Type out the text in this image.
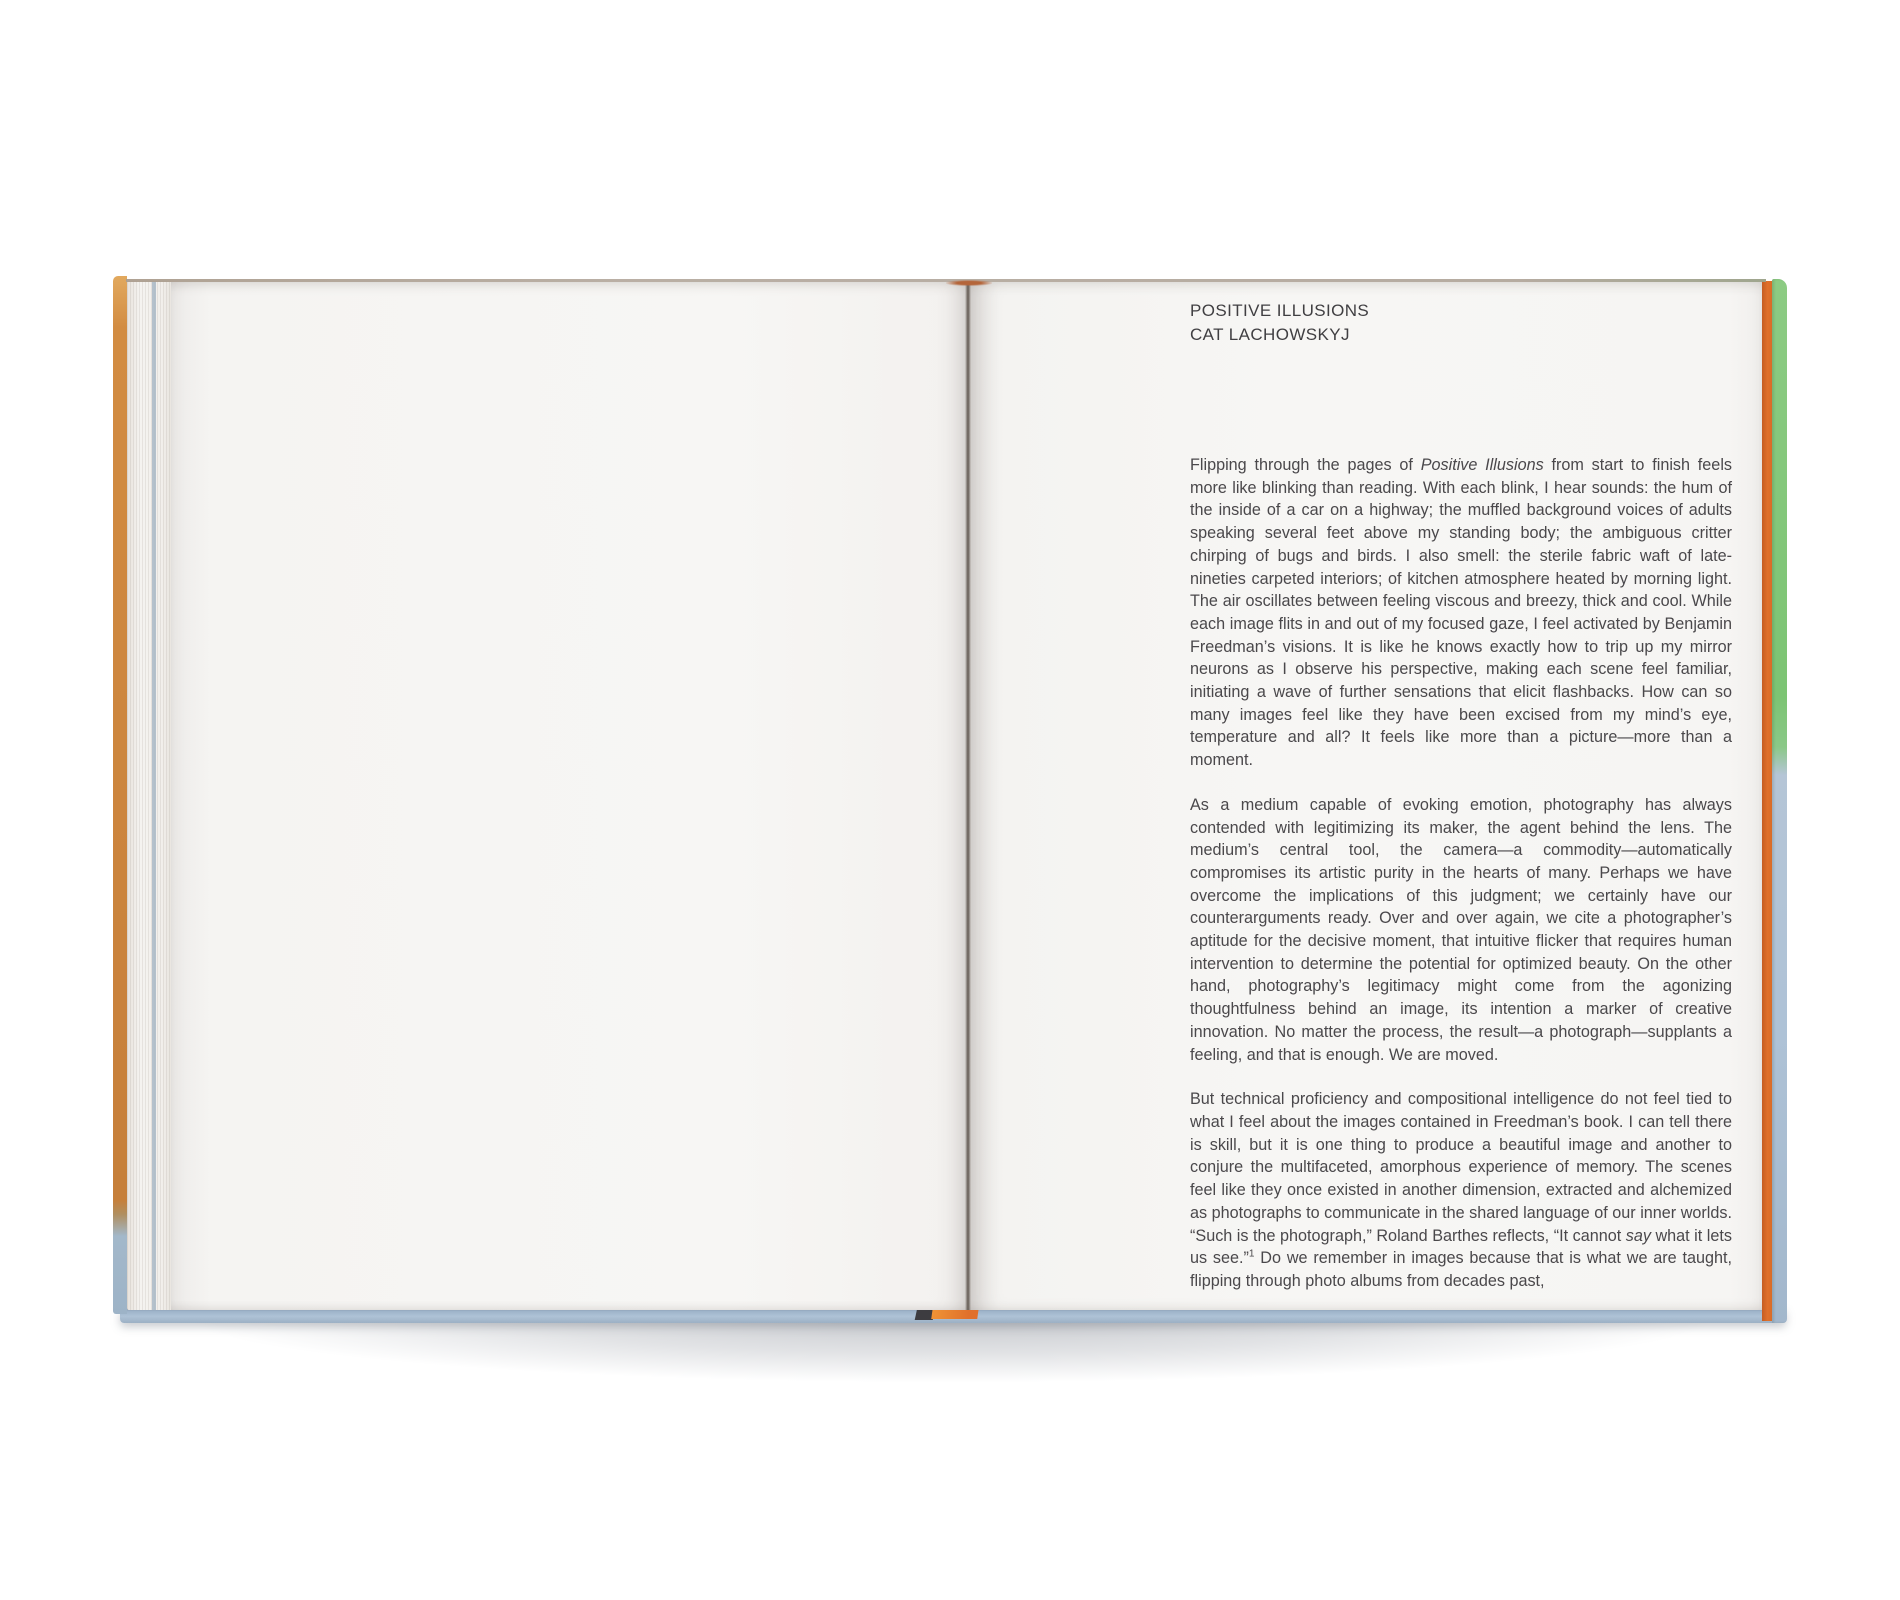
POSITIVE ILLUSIONS
CAT LACHOWSKYJ

Flipping through the pages of Positive Illusions from start to finish feels more like blinking than reading. With each blink, I hear sounds: the hum of the inside of a car on a highway; the muffled background voices of adults speaking several feet above my standing body; the ambiguous critter chirping of bugs and birds. I also smell: the sterile fabric waft of late-nineties carpeted interiors; of kitchen atmosphere heated by morning light. The air oscillates between feeling viscous and breezy, thick and cool. While each image flits in and out of my focused gaze, I feel activated by Benjamin Freedman’s visions. It is like he knows exactly how to trip up my mirror neurons as I observe his perspective, making each scene feel familiar, initiating a wave of further sensations that elicit flashbacks. How can so many images feel like they have been excised from my mind’s eye, temperature and all? It feels like more than a picture—more than a moment.

As a medium capable of evoking emotion, photography has always contended with legitimizing its maker, the agent behind the lens. The medium’s central tool, the camera—a commodity—automatically compromises its artistic purity in the hearts of many. Perhaps we have overcome the implications of this judgment; we certainly have our counterarguments ready. Over and over again, we cite a photographer’s aptitude for the decisive moment, that intuitive flicker that requires human intervention to determine the potential for optimized beauty. On the other hand, photography’s legitimacy might come from the agonizing thoughtfulness behind an image, its intention a marker of creative innovation. No matter the process, the result—a photograph—supplants a feeling, and that is enough. We are moved.

But technical proficiency and compositional intelligence do not feel tied to what I feel about the images contained in Freedman’s book. I can tell there is skill, but it is one thing to produce a beautiful image and another to conjure the multifaceted, amorphous experience of memory. The scenes feel like they once existed in another dimension, extracted and alchemized as photographs to communicate in the shared language of our inner worlds. “Such is the photograph,” Roland Barthes reflects, “It cannot say what it lets us see.”$^1$ Do we remember in images because that is what we are taught, flipping through photo albums from decades past,
